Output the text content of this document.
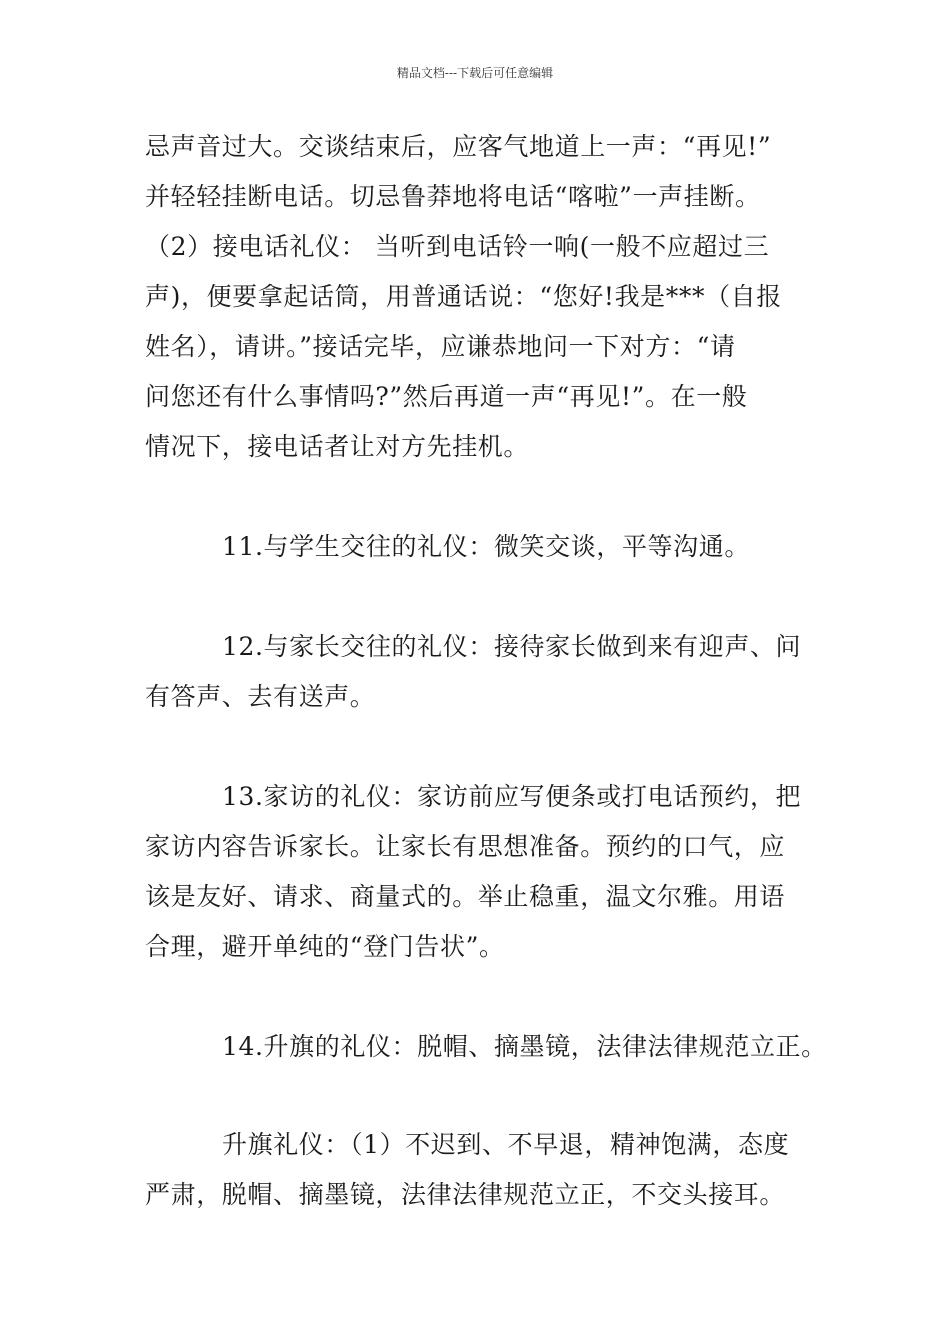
精品文档---下载后可任意编辑
忌声音过大。交谈结束后，应客气地道上一声：“再见!”
并轻轻挂断电话。切忌鲁莽地将电话“喀啦”一声挂断。
（2）接电话礼仪： 当听到电话铃一响(一般不应超过三
声)，便要拿起话筒，用普通话说：“您好!我是***（自报
姓名），请讲。”接话完毕，应谦恭地问一下对方：“请
问您还有什么事情吗?”然后再道一声“再见!”。在一般
情况下，接电话者让对方先挂机。
11.与学生交往的礼仪：微笑交谈，平等沟通。
12.与家长交往的礼仪：接待家长做到来有迎声、问
有答声、去有送声。
13.家访的礼仪：家访前应写便条或打电话预约，把
家访内容告诉家长。让家长有思想准备。预约的口气，应
该是友好、请求、商量式的。举止稳重，温文尔雅。用语
合理，避开单纯的“登门告状”。
14.升旗的礼仪：脱帽、摘墨镜，法律法律规范立正。
升旗礼仪：（1）不迟到、不早退，精神饱满，态度
严肃，脱帽、摘墨镜，法律法律规范立正，不交头接耳。
